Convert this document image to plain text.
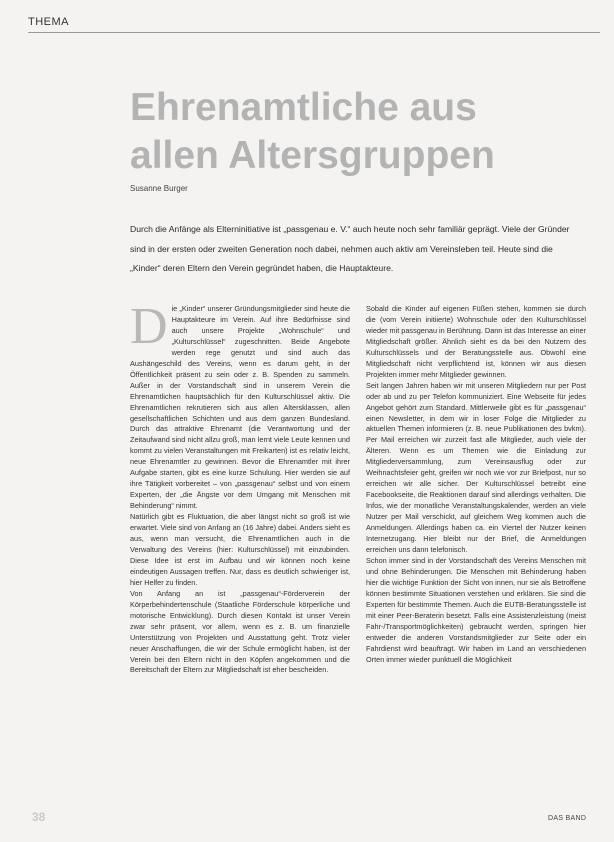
THEMA
Ehrenamtliche aus
allen Altersgruppen
Susanne Burger

Durch die Anfänge als Elterninitiative ist „passgenau e. V.“ auch heute noch sehr familiär geprägt. Viele der Gründer sind in der ersten oder zweiten Generation noch dabei, nehmen auch aktiv am Vereinsleben teil. Heute sind die „Kinder“ deren Eltern den Verein gegründet haben, die Hauptakteure.

D ie „Kinder“ unserer Gründungsmitglieder sind heute die Hauptakteure im Verein. Auf ihre Bedürfnisse sind auch unsere Projekte „Wohnschule“ und „Kulturschlüssel“ zugeschnitten. Beide Angebote werden rege genutzt und sind auch das Aushängeschild des Vereins, wenn es darum geht, in der Öffentlichkeit präsent zu sein oder z. B. Spenden zu sammeln. Außer in der Vorstandschaft sind in unserem Verein die Ehrenamtlichen hauptsächlich für den Kulturschlüssel aktiv. Die Ehrenamtlichen rekrutieren sich aus allen Altersklassen, allen gesellschaftlichen Schichten und aus dem ganzen Bundesland. Durch das attraktive Ehrenamt (die Verantwortung und der Zeitaufwand sind nicht allzu groß, man lernt viele Leute kennen und kommt zu vielen Veranstaltungen mit Freikarten) ist es relativ leicht, neue Ehrenamtler zu gewinnen. Bevor die Ehrenamtler mit ihrer Aufgabe starten, gibt es eine kurze Schulung. Hier werden sie auf ihre Tätigkeit vorbereitet – von „passgenau“ selbst und von einem Experten, der „die Ängste vor dem Umgang mit Menschen mit Behinderung“ nimmt.

Natürlich gibt es Fluktuation, die aber längst nicht so groß ist wie erwartet. Viele sind von Anfang an (16 Jahre) dabei. Anders sieht es aus, wenn man versucht, die Ehrenamtlichen auch in die Verwaltung des Vereins (hier: Kulturschlüssel) mit einzubinden. Diese Idee ist erst im Aufbau und wir können noch keine eindeutigen Aussagen treffen. Nur, dass es deutlich schwieriger ist, hier Helfer zu finden.

Von Anfang an ist „passgenau“-Förderverein der Körperbehindertenschule (Staatliche Förderschule körperliche und motorische Entwicklung). Durch diesen Kontakt ist unser Verein zwar sehr präsent, vor allem, wenn es z. B. um finanzielle Unterstützung von Projekten und Ausstattung geht. Trotz vieler neuer Anschaffungen, die wir der Schule ermöglicht haben, ist der Verein bei den Eltern nicht in den Köpfen angekommen und die Bereitschaft der Eltern zur Mitgliedschaft ist eher bescheiden.

Sobald die Kinder auf eigenen Füßen stehen, kommen sie durch die (vom Verein initiierte) Wohnschule oder den Kulturschlüssel wieder mit passgenau in Berührung. Dann ist das Interesse an einer Mitgliedschaft größer. Ähnlich sieht es da bei den Nutzern des Kulturschlüssels und der Beratungsstelle aus. Obwohl eine Mitgliedschaft nicht verpflichtend ist, können wir aus diesen Projekten immer mehr Mitglieder gewinnen.

Seit langen Jahren haben wir mit unseren Mitgliedern nur per Post oder ab und zu per Telefon kommuniziert. Eine Webseite für jedes Angebot gehört zum Standard. Mittlerweile gibt es für „passgenau“ einen Newsletter, in dem wir in loser Folge die Mitglieder zu aktuellen Themen informieren (z. B. neue Publikationen des bvkm). Per Mail erreichen wir zurzeit fast alle Mitglieder, auch viele der Älteren. Wenn es um Themen wie die Einladung zur Mitgliederversammlung, zum Vereinsausflug oder zur Weihnachtsfeier geht, greifen wir noch wie vor zur Briefpost, nur so erreichen wir alle sicher. Der Kulturschlüssel betreibt eine Facebookseite, die Reaktionen darauf sind allerdings verhalten. Die Infos, wie der monatliche Veranstaltungskalender, werden an viele Nutzer per Mail verschickt, auf gleichem Weg kommen auch die Anmeldungen. Allerdings haben ca. ein Viertel der Nutzer keinen Internetzugang. Hier bleibt nur der Brief, die Anmeldungen erreichen uns dann telefonisch.

Schon immer sind in der Vorstandschaft des Vereins Menschen mit und ohne Behinderungen. Die Menschen mit Behinderung haben hier die wichtige Funktion der Sicht von innen, nur sie als Betroffene können bestimmte Situationen verstehen und erklären. Sie sind die Experten für bestimmte Themen. Auch die EUTB-Beratungsstelle ist mit einer Peer-Beraterin besetzt. Falls eine Assistenzleistung (meist Fahr-/Transportmöglichkeiten) gebraucht werden, springen hier entweder die anderen Vorstandsmitglieder zur Seite oder ein Fahrdienst wird beauftragt. Wir haben im Land an verschiedenen Orten immer wieder punktuell die Möglichkeit

38	DAS BAND
